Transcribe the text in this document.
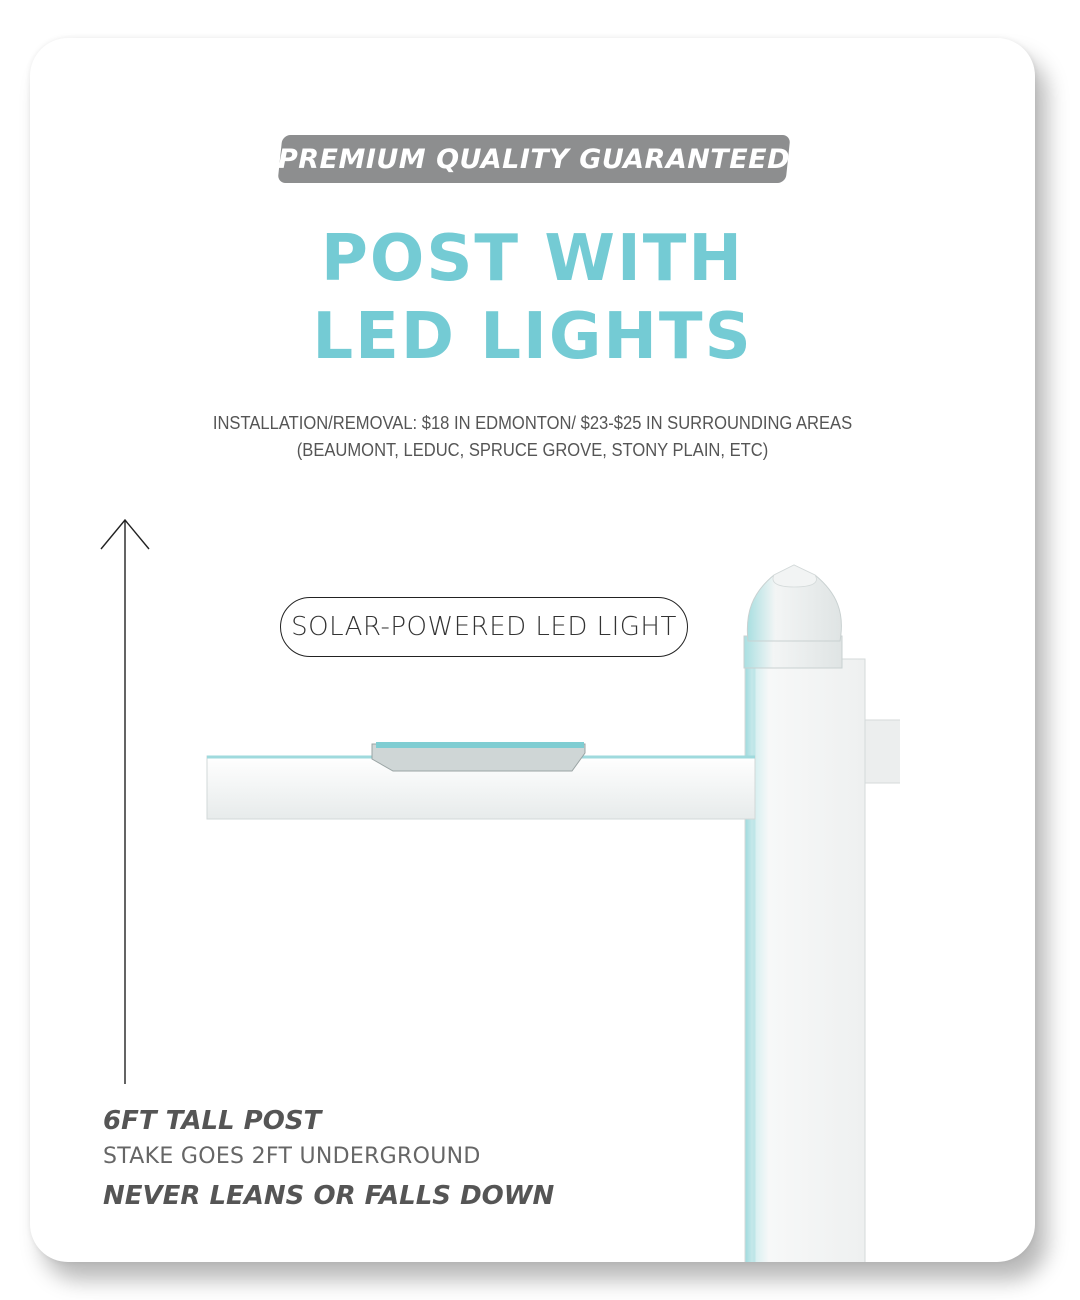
PREMIUM QUALITY GUARANTEED
POST WITH
LED LIGHTS
INSTALLATION/REMOVAL: $18 IN EDMONTON/ $23-$25 IN SURROUNDING AREAS
(BEAUMONT, LEDUC, SPRUCE GROVE, STONY PLAIN, ETC)
SOLAR-POWERED LED LIGHT
6FT TALL POST
STAKE GOES 2FT UNDERGROUND
NEVER LEANS OR FALLS DOWN
